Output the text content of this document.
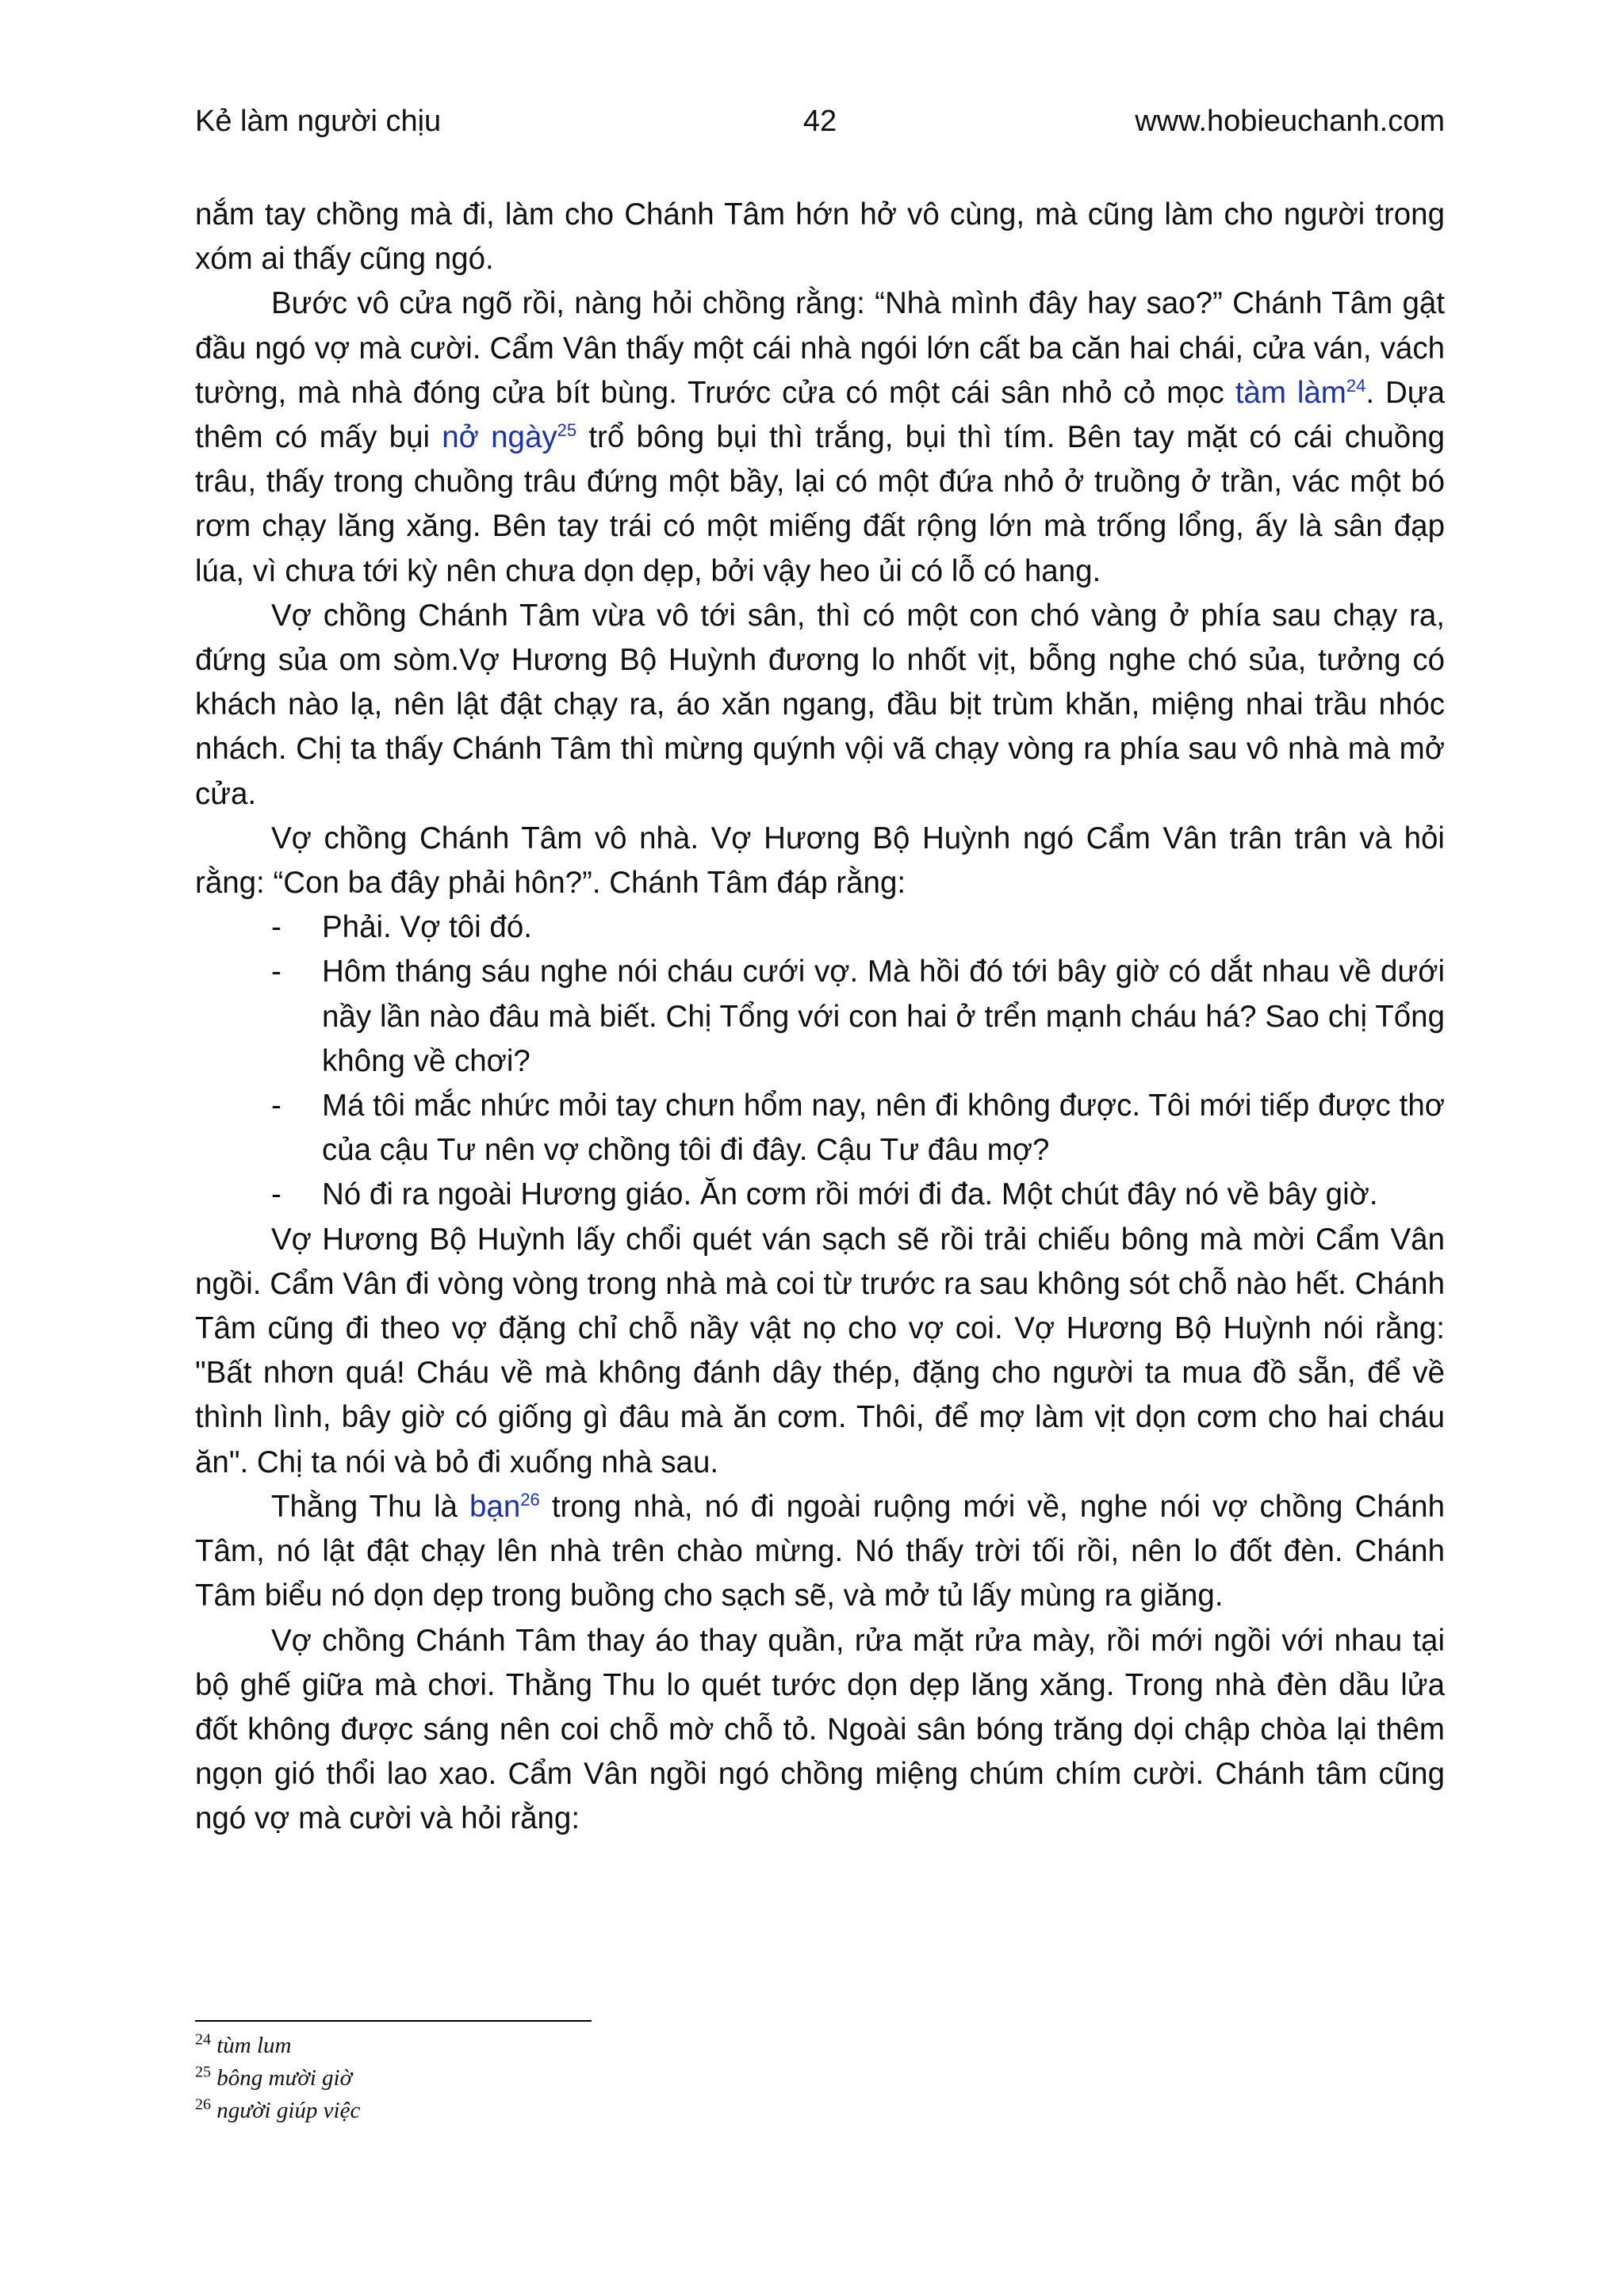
Kẻ làm người chịu	42	www.hobieuchanh.com

nắm tay chồng mà đi, làm cho Chánh Tâm hớn hở vô cùng, mà cũng làm cho người trong xóm ai thấy cũng ngó.

Bước vô cửa ngõ rồi, nàng hỏi chồng rằng: “Nhà mình đây hay sao?” Chánh Tâm gật đầu ngó vợ mà cười. Cẩm Vân thấy một cái nhà ngói lớn cất ba căn hai chái, cửa ván, vách tường, mà nhà đóng cửa bít bùng. Trước cửa có một cái sân nhỏ cỏ mọc tàm làm$^{24}$. Dựa thêm có mấy bụi nở ngày$^{25}$ trổ bông bụi thì trắng, bụi thì tím. Bên tay mặt có cái chuồng trâu, thấy trong chuồng trâu đứng một bầy, lại có một đứa nhỏ ở truồng ở trần, vác một bó rơm chạy lăng xăng. Bên tay trái có một miếng đất rộng lớn mà trống lổng, ấy là sân đạp lúa, vì chưa tới kỳ nên chưa dọn dẹp, bởi vậy heo ủi có lỗ có hang.

Vợ chồng Chánh Tâm vừa vô tới sân, thì có một con chó vàng ở phía sau chạy ra, đứng sủa om sòm.Vợ Hương Bộ Huỳnh đương lo nhốt vịt, bỗng nghe chó sủa, tưởng có khách nào lạ, nên lật đật chạy ra, áo xăn ngang, đầu bịt trùm khăn, miệng nhai trầu nhóc nhách. Chị ta thấy Chánh Tâm thì mừng quýnh vội vã chạy vòng ra phía sau vô nhà mà mở cửa.

Vợ chồng Chánh Tâm vô nhà. Vợ Hương Bộ Huỳnh ngó Cẩm Vân trân trân và hỏi rằng: “Con ba đây phải hôn?”. Chánh Tâm đáp rằng:

-	Phải. Vợ tôi đó.
-	Hôm tháng sáu nghe nói cháu cưới vợ. Mà hồi đó tới bây giờ có dắt nhau về dưới nầy lần nào đâu mà biết. Chị Tổng với con hai ở trển mạnh cháu há? Sao chị Tổng không về chơi?
-	Má tôi mắc nhức mỏi tay chưn hổm nay, nên đi không được. Tôi mới tiếp được thơ của cậu Tư nên vợ chồng tôi đi đây. Cậu Tư đâu mợ?
-	Nó đi ra ngoài Hương giáo. Ăn cơm rồi mới đi đa. Một chút đây nó về bây giờ.

Vợ Hương Bộ Huỳnh lấy chổi quét ván sạch sẽ rồi trải chiếu bông mà mời Cẩm Vân ngồi. Cẩm Vân đi vòng vòng trong nhà mà coi từ trước ra sau không sót chỗ nào hết. Chánh Tâm cũng đi theo vợ đặng chỉ chỗ nầy vật nọ cho vợ coi. Vợ Hương Bộ Huỳnh nói rằng: "Bất nhơn quá! Cháu về mà không đánh dây thép, đặng cho người ta mua đồ sẵn, để về thình lình, bây giờ có giống gì đâu mà ăn cơm. Thôi, để mợ làm vịt dọn cơm cho hai cháu ăn". Chị ta nói và bỏ đi xuống nhà sau.

Thằng Thu là bạn$^{26}$ trong nhà, nó đi ngoài ruộng mới về, nghe nói vợ chồng Chánh Tâm, nó lật đật chạy lên nhà trên chào mừng. Nó thấy trời tối rồi, nên lo đốt đèn. Chánh Tâm biểu nó dọn dẹp trong buồng cho sạch sẽ, và mở tủ lấy mùng ra giăng.

Vợ chồng Chánh Tâm thay áo thay quần, rửa mặt rửa mày, rồi mới ngồi với nhau tại bộ ghế giữa mà chơi. Thằng Thu lo quét tước dọn dẹp lăng xăng. Trong nhà đèn dầu lửa đốt không được sáng nên coi chỗ mờ chỗ tỏ. Ngoài sân bóng trăng dọi chập chòa lại thêm ngọn gió thổi lao xao. Cẩm Vân ngồi ngó chồng miệng chúm chím cười. Chánh tâm cũng ngó vợ mà cười và hỏi rằng:

$^{24}$ tùm lum
$^{25}$ bông mười giờ
$^{26}$ người giúp việc
